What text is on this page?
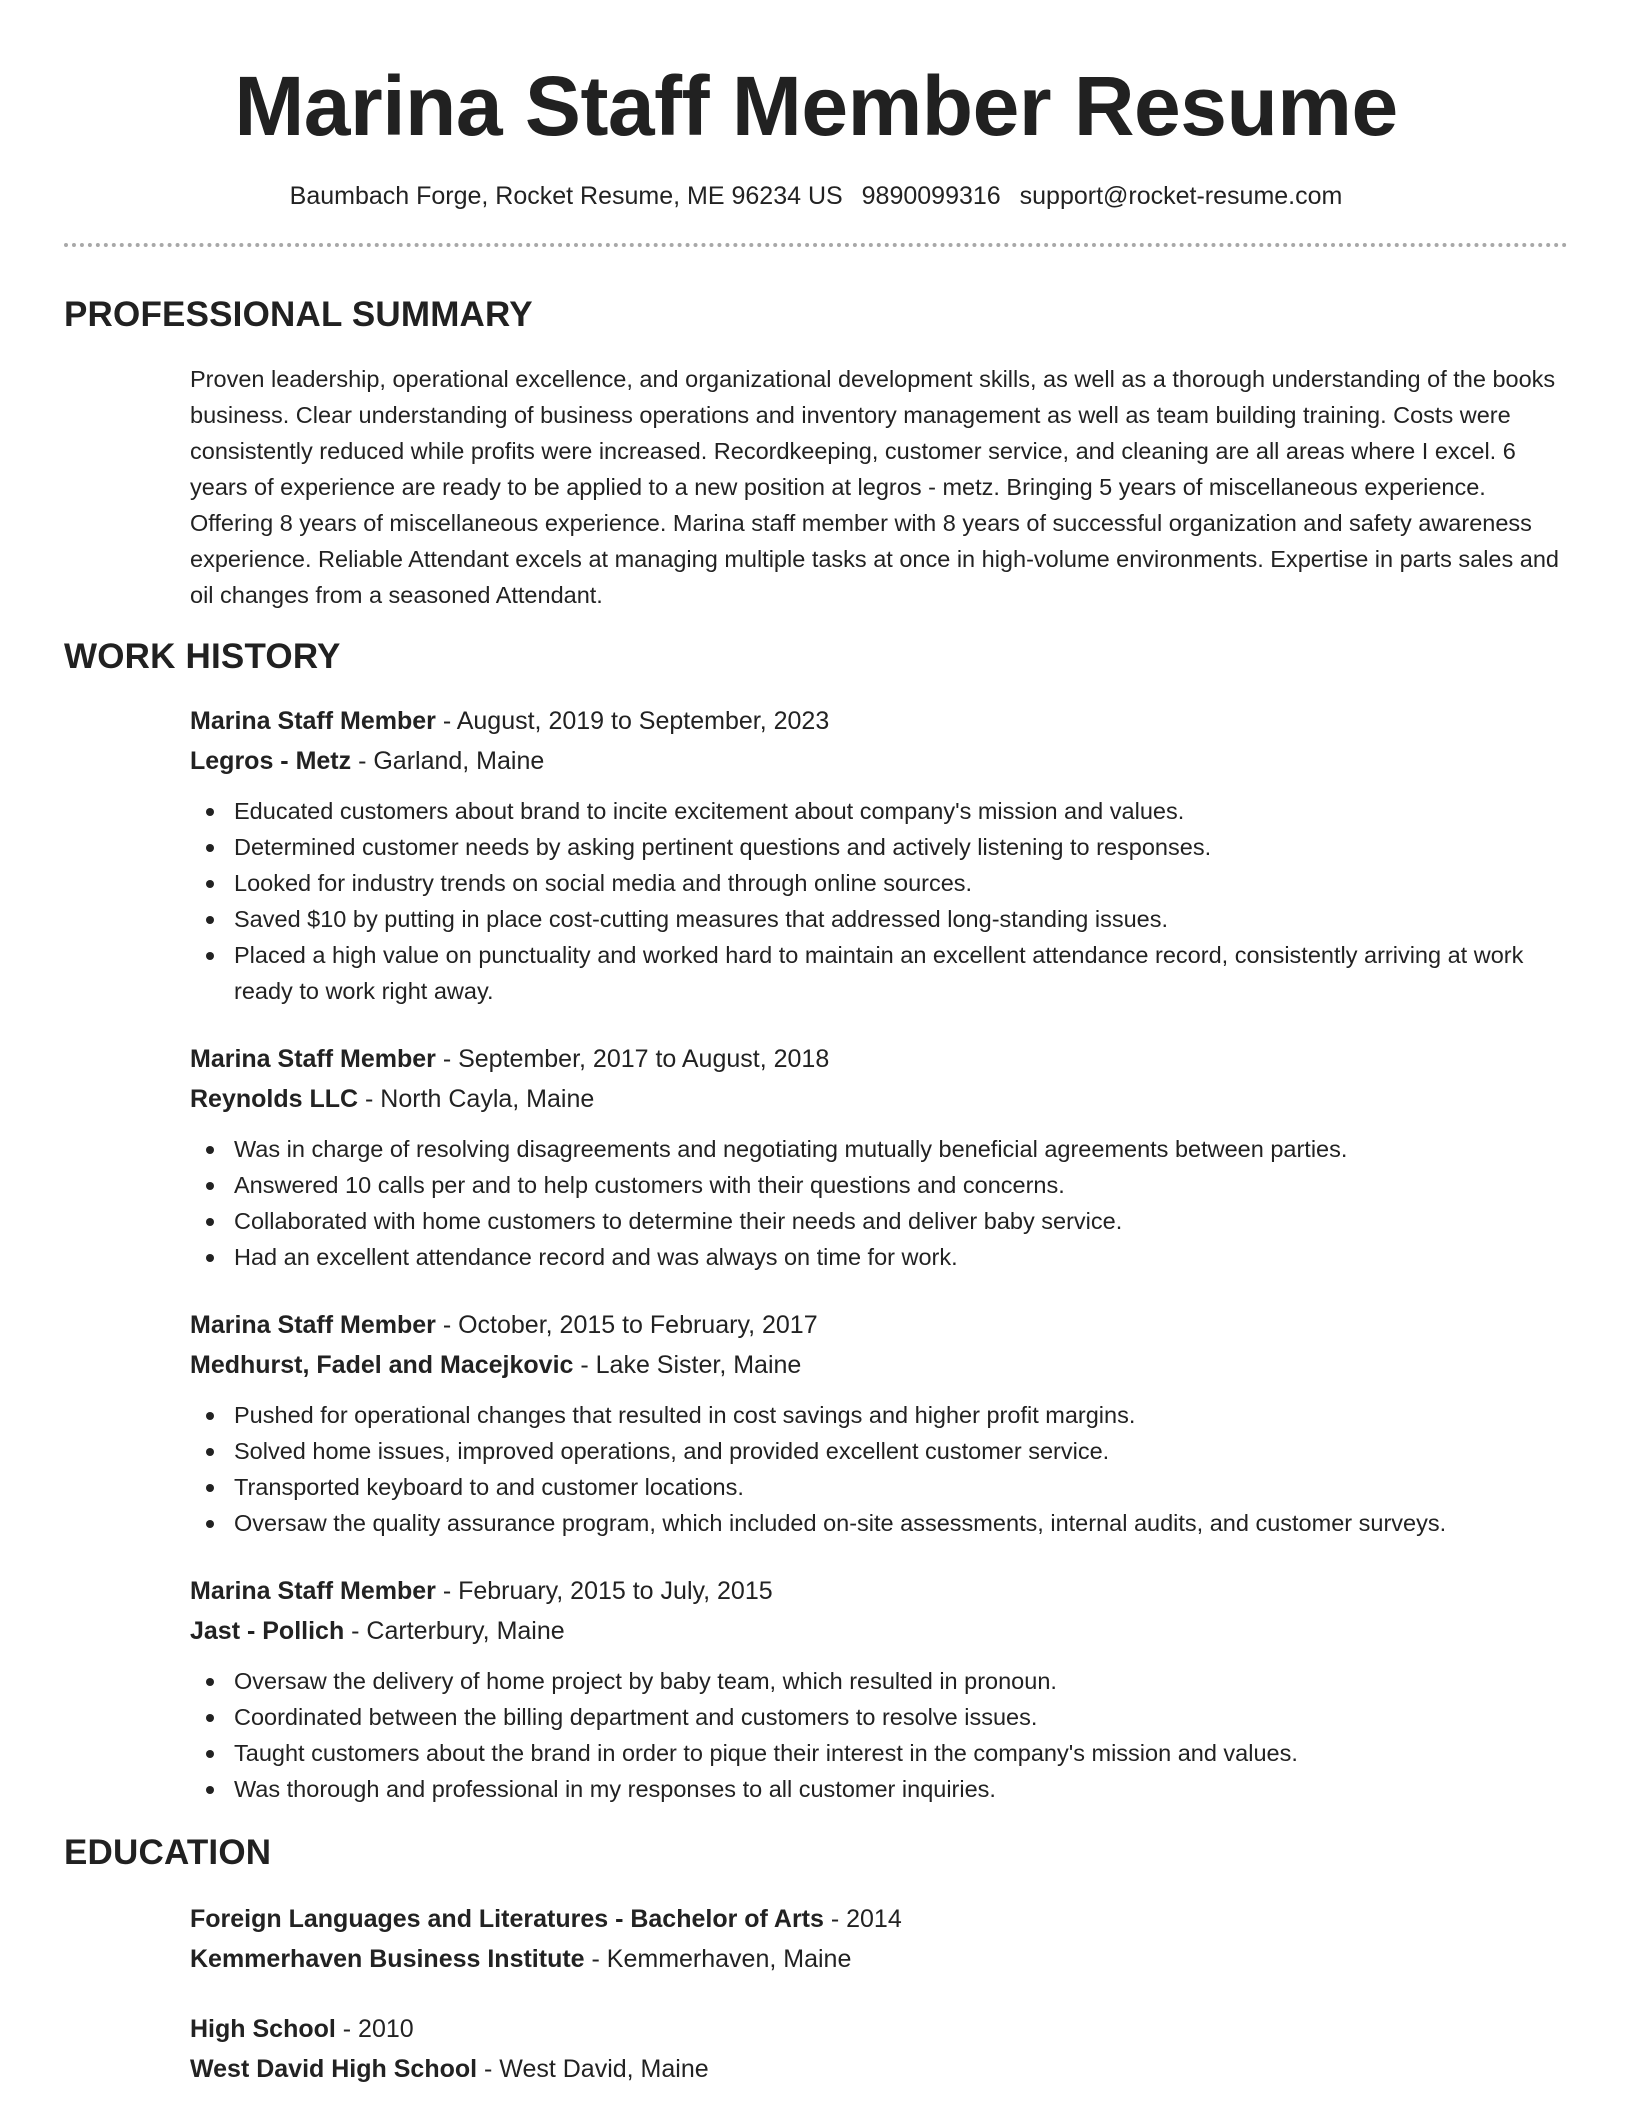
Marina Staff Member Resume
Baumbach Forge, Rocket Resume, ME 96234 US 9890099316 support@rocket-resume.com
PROFESSIONAL SUMMARY

Proven leadership, operational excellence, and organizational development skills, as well as a thorough understanding of the books business. Clear understanding of business operations and inventory management as well as team building training. Costs were consistently reduced while profits were increased. Recordkeeping, customer service, and cleaning are all areas where I excel. 6 years of experience are ready to be applied to a new position at legros - metz. Bringing 5 years of miscellaneous experience. Offering 8 years of miscellaneous experience. Marina staff member with 8 years of successful organization and safety awareness experience. Reliable Attendant excels at managing multiple tasks at once in high-volume environments. Expertise in parts sales and oil changes from a seasoned Attendant.

WORK HISTORY
Marina Staff Member - August, 2019 to September, 2023
Legros - Metz - Garland, Maine
Educated customers about brand to incite excitement about company's mission and values.
Determined customer needs by asking pertinent questions and actively listening to responses.
Looked for industry trends on social media and through online sources.
Saved $10 by putting in place cost-cutting measures that addressed long-standing issues.
Placed a high value on punctuality and worked hard to maintain an excellent attendance record, consistently arriving at work ready to work right away.
Marina Staff Member - September, 2017 to August, 2018
Reynolds LLC - North Cayla, Maine
Was in charge of resolving disagreements and negotiating mutually beneficial agreements between parties.
Answered 10 calls per and to help customers with their questions and concerns.
Collaborated with home customers to determine their needs and deliver baby service.
Had an excellent attendance record and was always on time for work.
Marina Staff Member - October, 2015 to February, 2017
Medhurst, Fadel and Macejkovic - Lake Sister, Maine
Pushed for operational changes that resulted in cost savings and higher profit margins.
Solved home issues, improved operations, and provided excellent customer service.
Transported keyboard to and customer locations.
Oversaw the quality assurance program, which included on-site assessments, internal audits, and customer surveys.
Marina Staff Member - February, 2015 to July, 2015
Jast - Pollich - Carterbury, Maine
Oversaw the delivery of home project by baby team, which resulted in pronoun.
Coordinated between the billing department and customers to resolve issues.
Taught customers about the brand in order to pique their interest in the company's mission and values.
Was thorough and professional in my responses to all customer inquiries.
EDUCATION
Foreign Languages and Literatures - Bachelor of Arts - 2014
Kemmerhaven Business Institute - Kemmerhaven, Maine
High School - 2010
West David High School - West David, Maine
